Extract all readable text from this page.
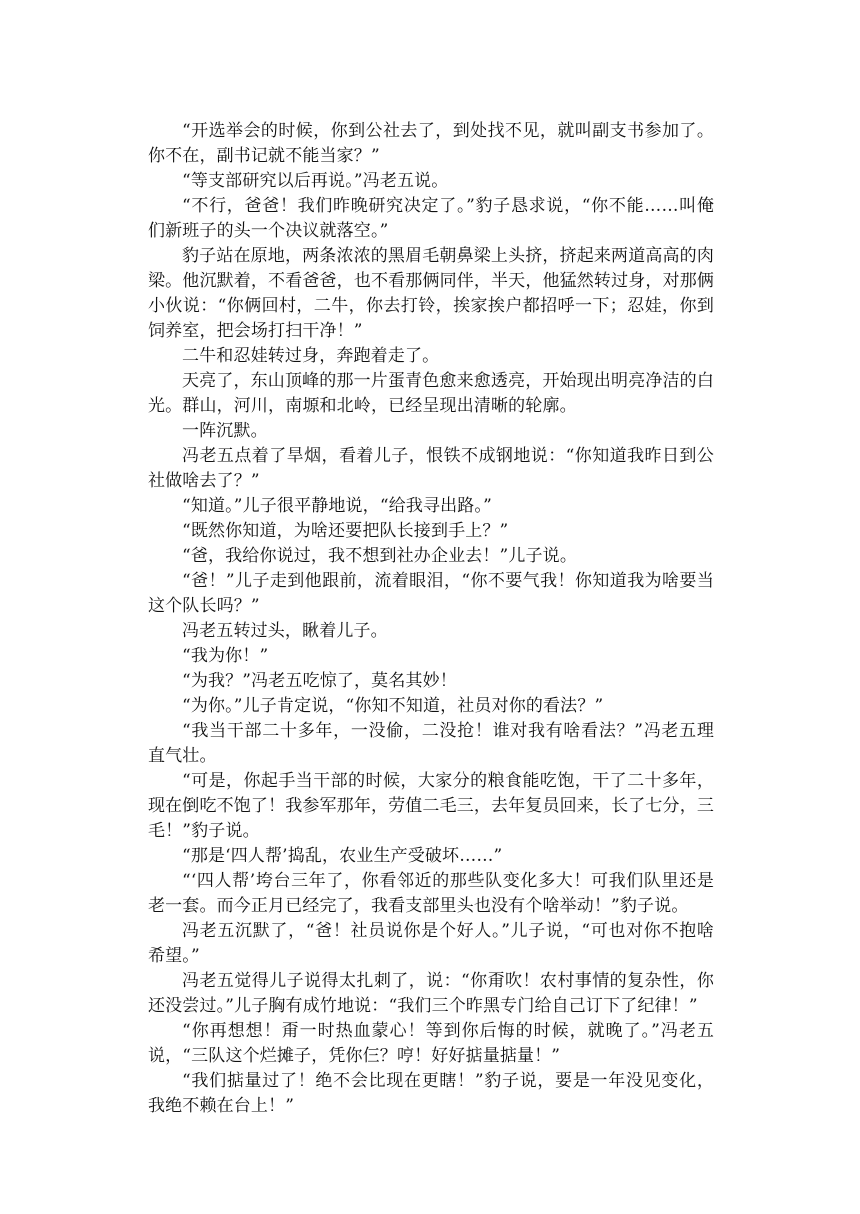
“开选举会的时候，你到公社去了，到处找不见，就叫副支书参加了。你不在，副书记就不能当家？”

“等支部研究以后再说。”冯老五说。

“不行，爸爸！我们昨晚研究决定了。”豹子恳求说，“你不能……叫俺们新班子的头一个决议就落空。”

豹子站在原地，两条浓浓的黑眉毛朝鼻梁上头挤，挤起来两道高高的肉梁。他沉默着，不看爸爸，也不看那俩同伴，半天，他猛然转过身，对那俩小伙说：“你俩回村，二牛，你去打铃，挨家挨户都招呼一下；忍娃，你到饲养室，把会场打扫干净！”

二牛和忍娃转过身，奔跑着走了。

天亮了，东山顶峰的那一片蛋青色愈来愈透亮，开始现出明亮净洁的白光。群山，河川，南塬和北岭，已经呈现出清晰的轮廓。

一阵沉默。

冯老五点着了旱烟，看着儿子，恨铁不成钢地说：“你知道我昨日到公社做啥去了？”

“知道。”儿子很平静地说，“给我寻出路。”

“既然你知道，为啥还要把队长接到手上？”

“爸，我给你说过，我不想到社办企业去！”儿子说。

“爸！”儿子走到他跟前，流着眼泪，“你不要气我！你知道我为啥要当这个队长吗？”

冯老五转过头，瞅着儿子。

“我为你！”

“为我？”冯老五吃惊了，莫名其妙！

“为你。”儿子肯定说，“你知不知道，社员对你的看法？”

“我当干部二十多年，一没偷，二没抢！谁对我有啥看法？”冯老五理直气壮。

“可是，你起手当干部的时候，大家分的粮食能吃饱，干了二十多年，现在倒吃不饱了！我参军那年，劳值二毛三，去年复员回来，长了七分，三毛！”豹子说。

“那是‘四人帮’捣乱，农业生产受破坏……”

“‘四人帮’垮台三年了，你看邻近的那些队变化多大！可我们队里还是老一套。而今正月已经完了，我看支部里头也没有个啥举动！”豹子说。

冯老五沉默了，“爸！社员说你是个好人。”儿子说，“可也对你不抱啥希望。”

冯老五觉得儿子说得太扎刺了，说：“你甭吹！农村事情的复杂性，你还没尝过。”儿子胸有成竹地说：“我们三个昨黑专门给自己订下了纪律！”

“你再想想！甭一时热血蒙心！等到你后悔的时候，就晚了。”冯老五说，“三队这个烂摊子，凭你仨？哼！好好掂量掂量！”

“我们掂量过了！绝不会比现在更瞎！”豹子说，要是一年没见变化，我绝不赖在台上！”
